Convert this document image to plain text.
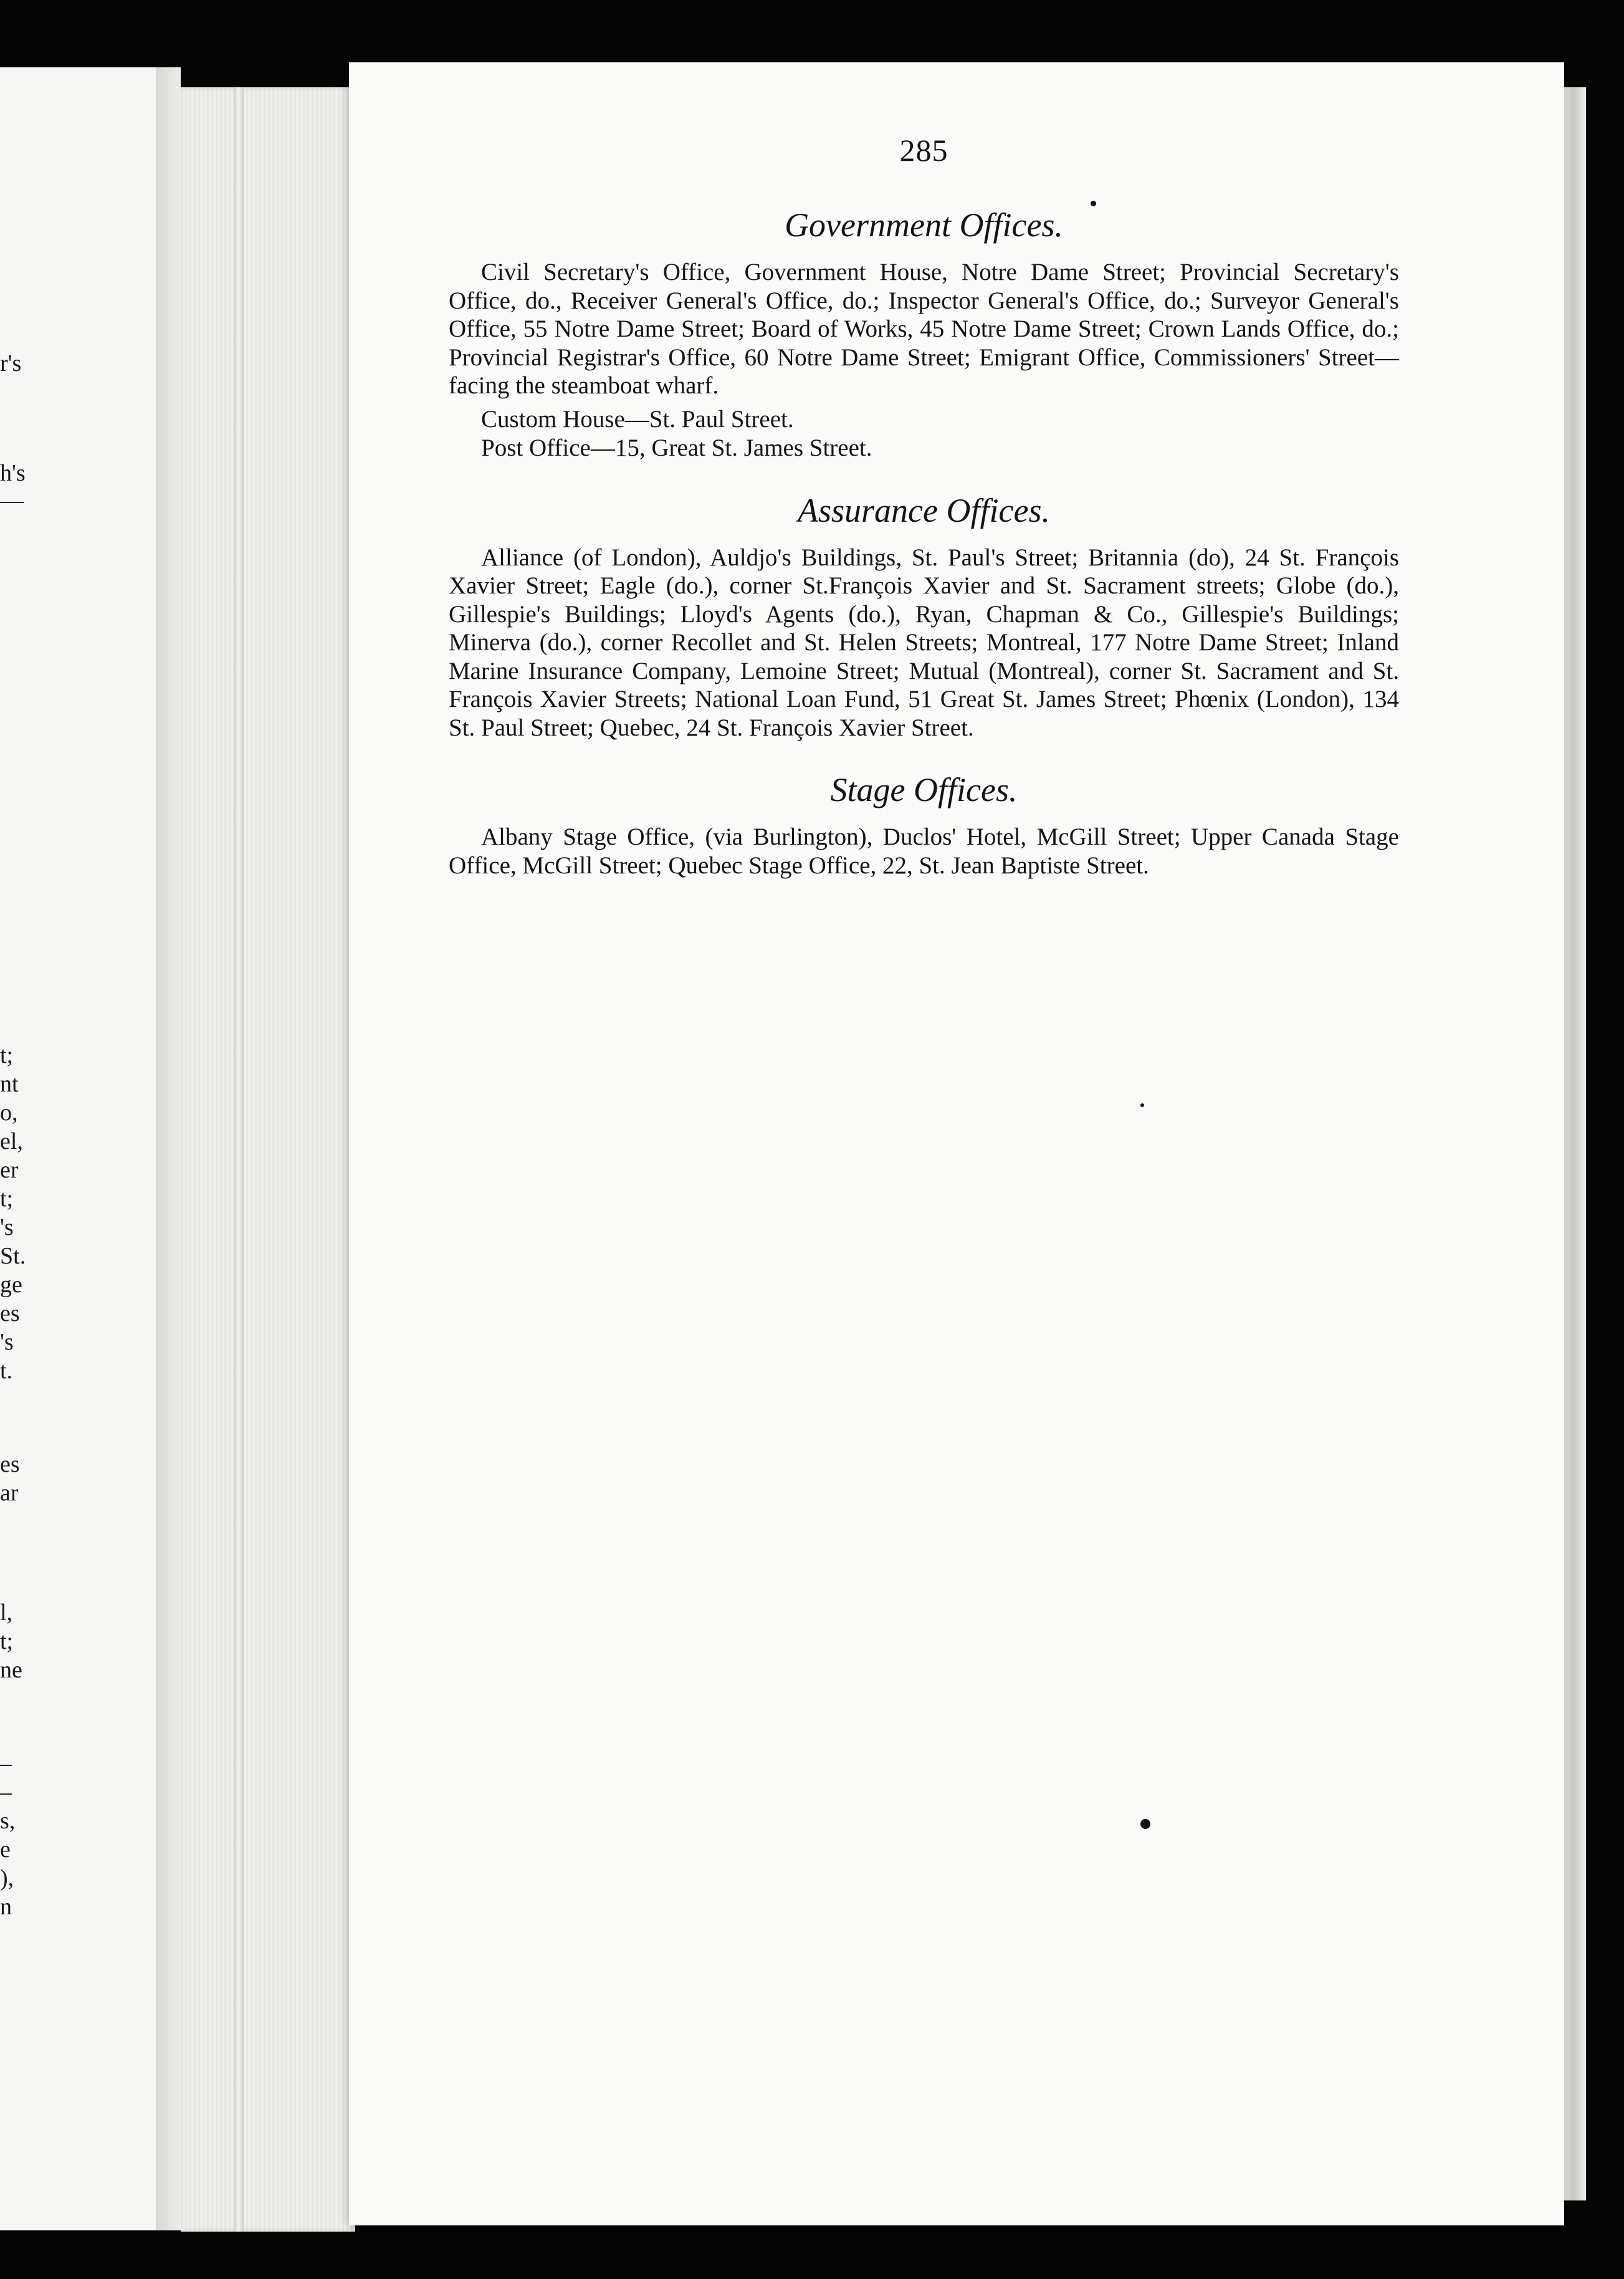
r's
h's
—
t;
nt
o,
el,
er
t;
's
St.
ge
es
's
t.
es
ar
l,
t;
ne
–
–
s,
e
),
n
285
Government Offices.

Civil Secretary's Office, Government House, Notre Dame Street; Provincial Secretary's Office, do., Receiver General's Office, do.; Inspector General's Office, do.; Surveyor General's Office, 55 Notre Dame Street; Board of Works, 45 Notre Dame Street; Crown Lands Office, do.; Provincial Registrar's Office, 60 Notre Dame Street; Emigrant Office, Commissioners' Street—facing the steamboat wharf.

Custom House—St. Paul Street.

Post Office—15, Great St. James Street.

Assurance Offices.

Alliance (of London), Auldjo's Buildings, St. Paul's Street; Britannia (do), 24 St. François Xavier Street; Eagle (do.), corner St.François Xavier and St. Sacrament streets; Globe (do.), Gillespie's Buildings; Lloyd's Agents (do.), Ryan, Chapman & Co., Gillespie's Buildings; Minerva (do.), corner Recollet and St. Helen Streets; Montreal, 177 Notre Dame Street; Inland Marine Insurance Company, Lemoine Street; Mutual (Montreal), corner St. Sacrament and St. François Xavier Streets; National Loan Fund, 51 Great St. James Street; Phœnix (London), 134 St. Paul Street; Quebec, 24 St. François Xavier Street.

Stage Offices.

Albany Stage Office, (via Burlington), Duclos' Hotel, McGill Street; Upper Canada Stage Office, McGill Street; Quebec Stage Office, 22, St. Jean Baptiste Street.
